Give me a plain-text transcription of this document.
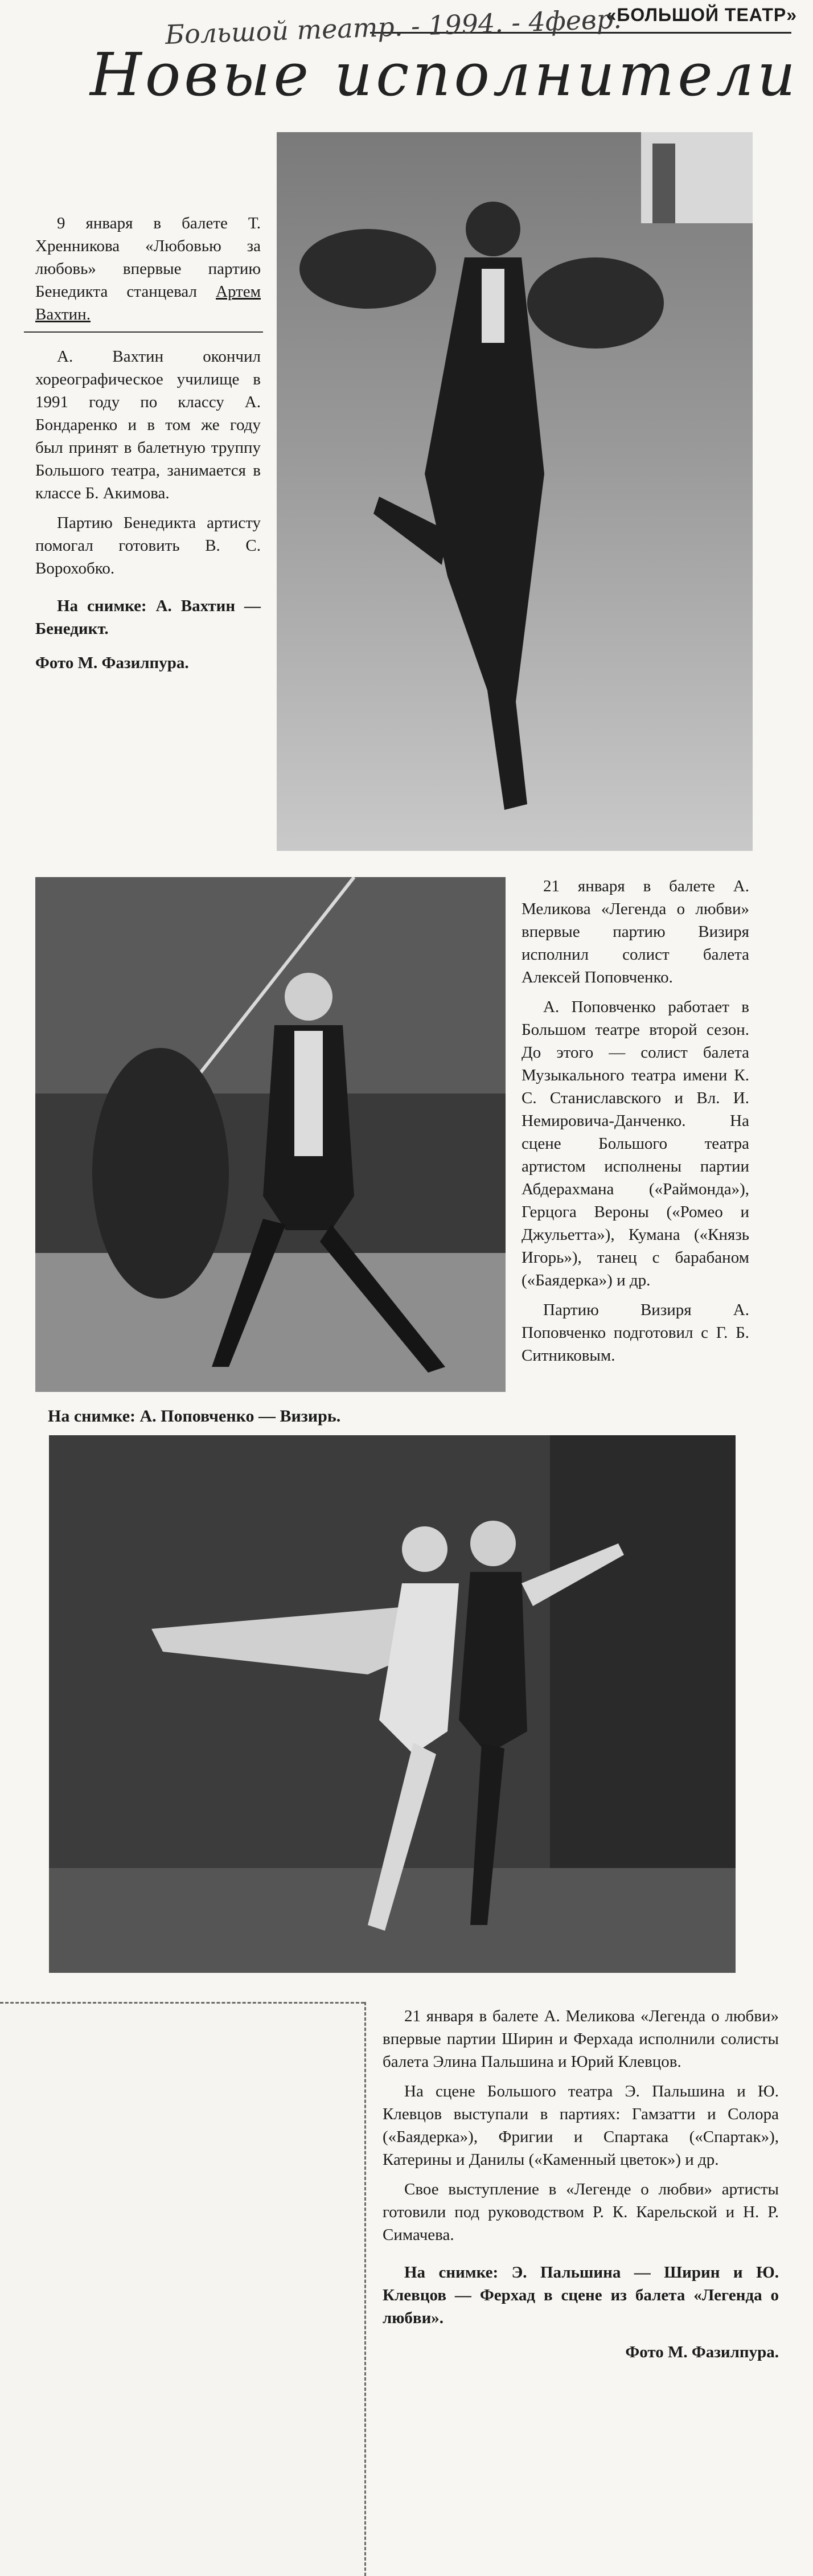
«БОЛЬШОЙ ТЕАТР»
Большой театр. - 1994. - 4февр.
Новые исполнители

9 января в балете Т. Хренникова «Любовью за любовь» впервые партию Бенедикта станцевал Артем Вахтин.

А. Вахтин окончил хореографическое училище в 1991 году по классу А. Бондаренко и в том же году был принят в балетную труппу Большого театра, занимается в классе Б. Акимова.

Партию Бенедикта артисту помогал готовить В. С. Ворохобко.

На снимке: А. Вахтин — Бенедикт.

Фото М. Фазилпура.

21 января в балете А. Меликова «Легенда о любви» впервые партию Визиря исполнил солист балета Алексей Поповченко.

А. Поповченко работает в Большом театре второй сезон. До этого — солист балета Музыкального театра имени К. С. Станиславского и Вл. И. Немировича-Данченко. На сцене Большого театра артистом исполнены партии Абдерахмана («Раймонда»), Герцога Вероны («Ромео и Джульетта»), Кумана («Князь Игорь»), танец с барабаном («Баядерка») и др.

Партию Визиря А. Поповченко подготовил с Г. Б. Ситниковым.

На снимке: А. Поповченко — Визирь.

21 января в балете А. Меликова «Легенда о любви» впервые партии Ширин и Ферхада исполнили солисты балета Элина Пальшина и Юрий Клевцов.

На сцене Большого театра Э. Пальшина и Ю. Клевцов выступали в партиях: Гамзатти и Солора («Баядерка»), Фригии и Спартака («Спартак»), Катерины и Данилы («Каменный цветок») и др.

Свое выступление в «Легенде о любви» артисты готовили под руководством Р. К. Карельской и Н. Р. Симачева.

На снимке: Э. Пальшина — Ширин и Ю. Клевцов — Ферхад в сцене из балета «Легенда о любви».

Фото М. Фазилпура.
